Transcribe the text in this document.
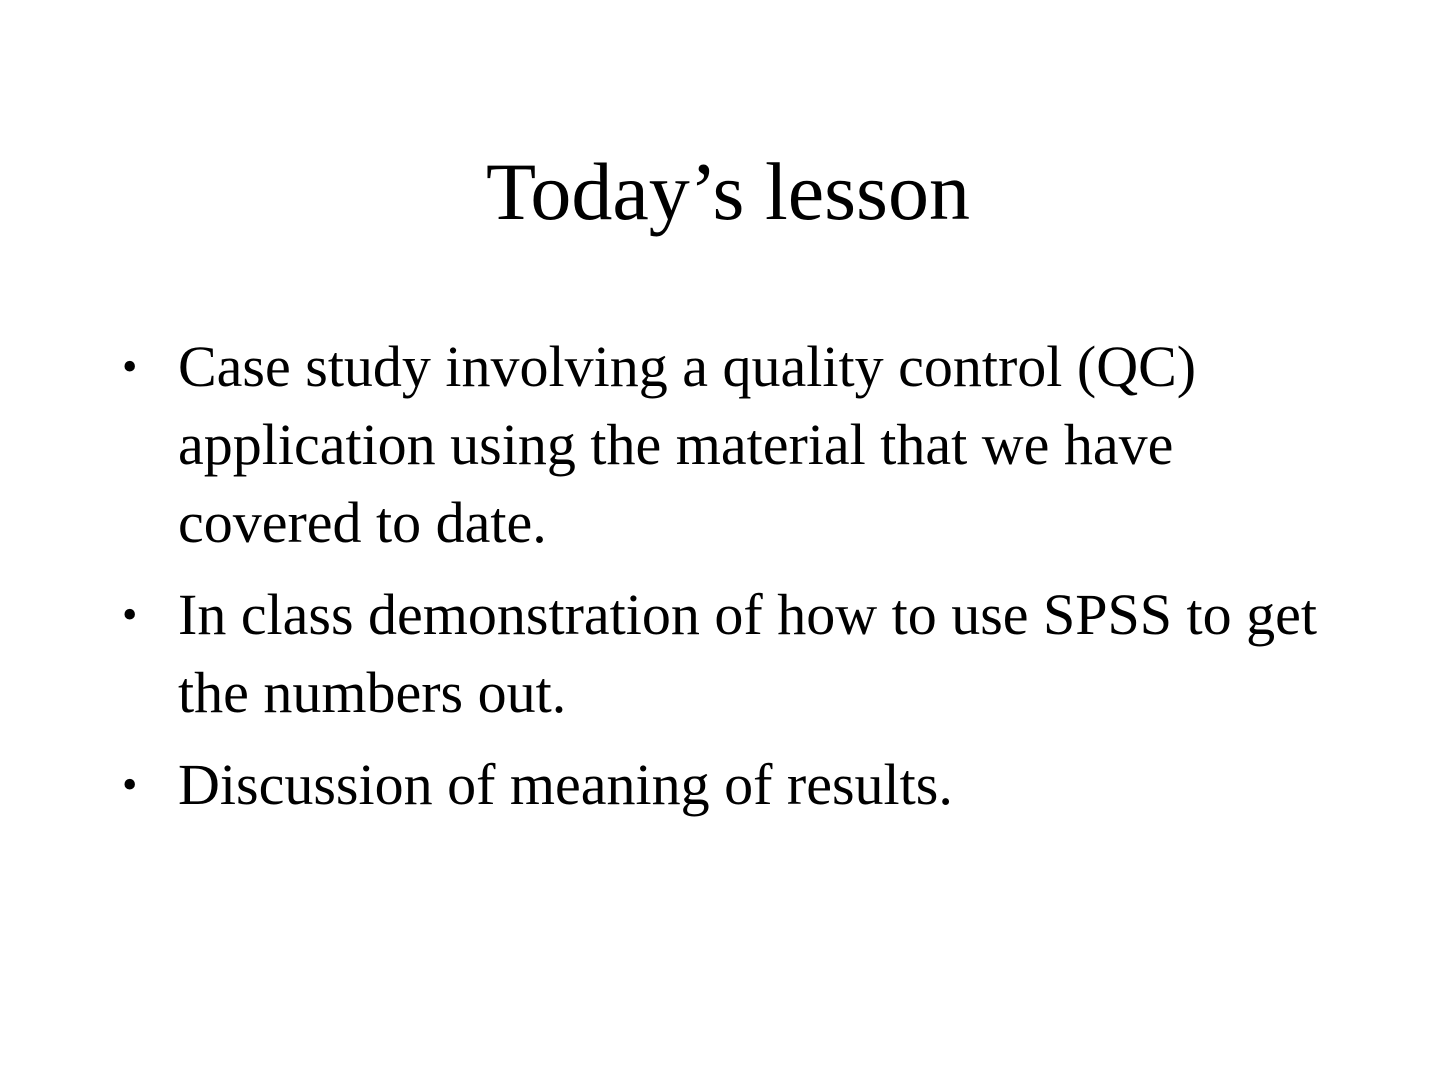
Today’s lesson
• Case study involving a quality control (QC) application using the material that we have covered to date.
• In class demonstration of how to use SPSS to get the numbers out.
• Discussion of meaning of results.
